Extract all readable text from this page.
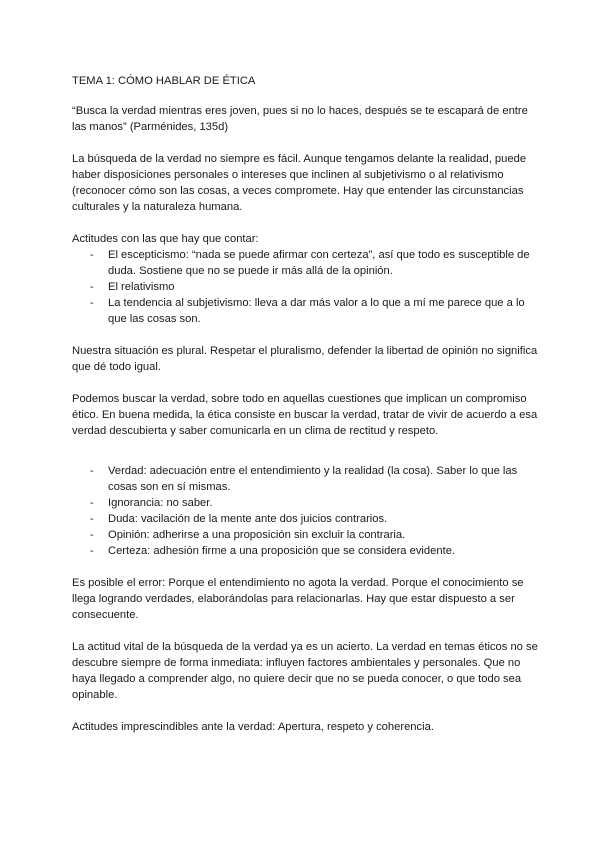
TEMA 1: CÓMO HABLAR DE ÉTICA

“Busca la verdad mientras eres joven, pues si no lo haces, después se te escapará de entre las manos” (Parménides, 135d)

La búsqueda de la verdad no siempre es fácil. Aunque tengamos delante la realidad, puede haber disposiciones personales o intereses que inclinen al subjetivismo o al relativismo (reconocer cómo son las cosas, a veces compromete. Hay que entender las circunstancias culturales y la naturaleza humana.

Actitudes con las que hay que contar:

- El escepticismo: “nada se puede afirmar con certeza”, así que todo es susceptible de duda. Sostiene que no se puede ir más allá de la opinión.
- El relativismo
- La tendencia al subjetivismo: lleva a dar más valor a lo que a mí me parece que a lo que las cosas son.

Nuestra situación es plural. Respetar el pluralismo, defender la libertad de opinión no significa que dé todo igual.

Podemos buscar la verdad, sobre todo en aquellas cuestiones que implican un compromiso ético. En buena medida, la ética consiste en buscar la verdad, tratar de vivir de acuerdo a esa verdad descubierta y saber comunicarla en un clima de rectitud y respeto.

- Verdad: adecuación entre el entendimiento y la realidad (la cosa). Saber lo que las cosas son en sí mismas.
- Ignorancia: no saber.
- Duda: vacilación de la mente ante dos juicios contrarios.
- Opinión: adherirse a una proposición sin excluir la contraria.
- Certeza: adhesión firme a una proposición que se considera evidente.

Es posible el error: Porque el entendimiento no agota la verdad. Porque el conocimiento se llega logrando verdades, elaborándolas para relacionarlas. Hay que estar dispuesto a ser consecuente.

La actitud vital de la búsqueda de la verdad ya es un acierto. La verdad en temas éticos no se descubre siempre de forma inmediata: influyen factores ambientales y personales. Que no haya llegado a comprender algo, no quiere decir que no se pueda conocer, o que todo sea opinable.

Actitudes imprescindibles ante la verdad: Apertura, respeto y coherencia.
